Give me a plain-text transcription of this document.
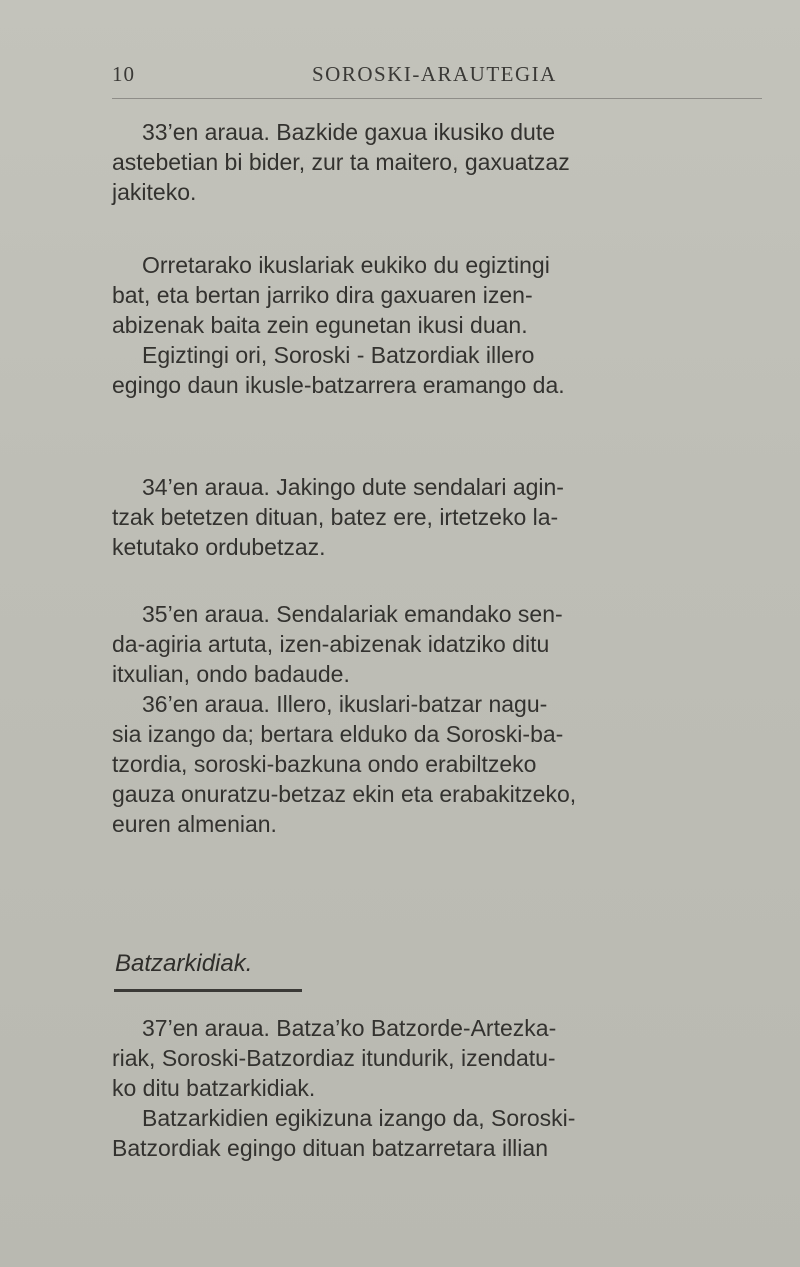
10	SOROSKI-ARAUTEGIA

33’en araua. Bazkide gaxua ikusiko dute
astebetian bi bider, zur ta maitero, gaxuatzaz
jakiteko.

Orretarako ikuslariak eukiko du egiztingi
bat, eta bertan jarriko dira gaxuaren izen-
abizenak baita zein egunetan ikusi duan.

Egiztingi ori, Soroski - Batzordiak illero
egingo daun ikusle-batzarrera eramango da.

34’en araua. Jakingo dute sendalari agin-
tzak betetzen dituan, batez ere, irtetzeko la-
ketutako ordubetzaz.

35’en araua. Sendalariak emandako sen-
da-agiria artuta, izen-abizenak idatziko ditu
itxulian, ondo badaude.

36’en araua. Illero, ikuslari-batzar nagu-
sia izango da; bertara elduko da Soroski-ba-
tzordia, soroski-bazkuna ondo erabiltzeko
gauza onuratzu-betzaz ekin eta erabakitzeko,
euren almenian.

Batzarkidiak.

37’en araua. Batza’ko Batzorde-Artezka-
riak, Soroski-Batzordiaz itundurik, izendatu-
ko ditu batzarkidiak.

Batzarkidien egikizuna izango da, Soroski-
Batzordiak egingo dituan batzarretara illian
